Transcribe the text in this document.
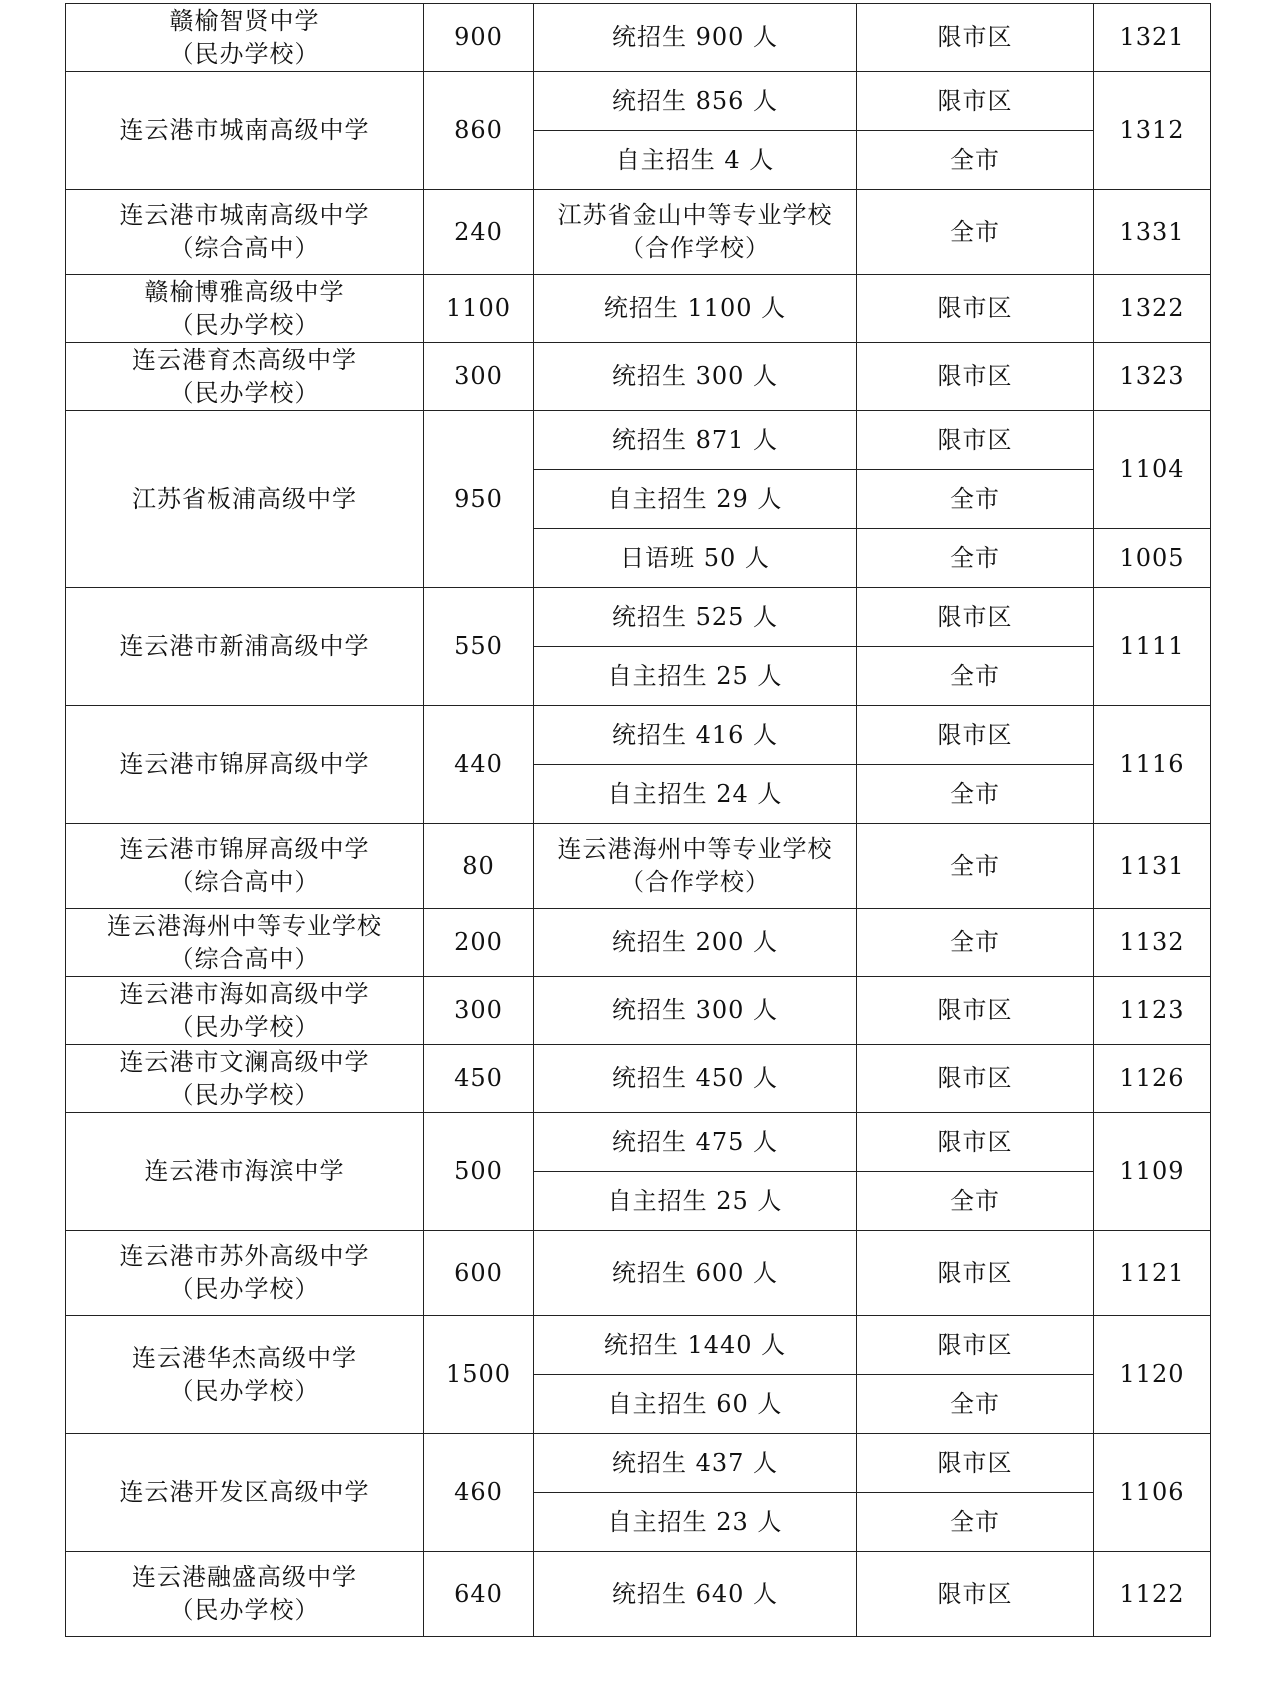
赣榆智贤中学
（民办学校）	900	统招生 900 人	限市区	1321

连云港市城南高级中学	860	统招生 856 人	限市区	1312
		自主招生 4 人	全市	

连云港市城南高级中学
（综合高中）	240	江苏省金山中等专业学校
（合作学校）	全市	1331

赣榆博雅高级中学
（民办学校）	1100	统招生 1100 人	限市区	1322

连云港育杰高级中学
（民办学校）	300	统招生 300 人	限市区	1323

江苏省板浦高级中学	950	统招生 871 人	限市区	1104
		自主招生 29 人	全市	
		日语班 50 人	全市	1005

连云港市新浦高级中学	550	统招生 525 人	限市区	1111
		自主招生 25 人	全市	

连云港市锦屏高级中学	440	统招生 416 人	限市区	1116
		自主招生 24 人	全市	

连云港市锦屏高级中学
（综合高中）	80	连云港海州中等专业学校
（合作学校）	全市	1131

连云港海州中等专业学校
（综合高中）	200	统招生 200 人	全市	1132

连云港市海如高级中学
（民办学校）	300	统招生 300 人	限市区	1123

连云港市文澜高级中学
（民办学校）	450	统招生 450 人	限市区	1126

连云港市海滨中学	500	统招生 475 人	限市区	1109
		自主招生 25 人	全市	

连云港市苏外高级中学
（民办学校）	600	统招生 600 人	限市区	1121

连云港华杰高级中学
（民办学校）	1500	统招生 1440 人	限市区	1120
		自主招生 60 人	全市	

连云港开发区高级中学	460	统招生 437 人	限市区	1106
		自主招生 23 人	全市	

连云港融盛高级中学
（民办学校）	640	统招生 640 人	限市区	1122
